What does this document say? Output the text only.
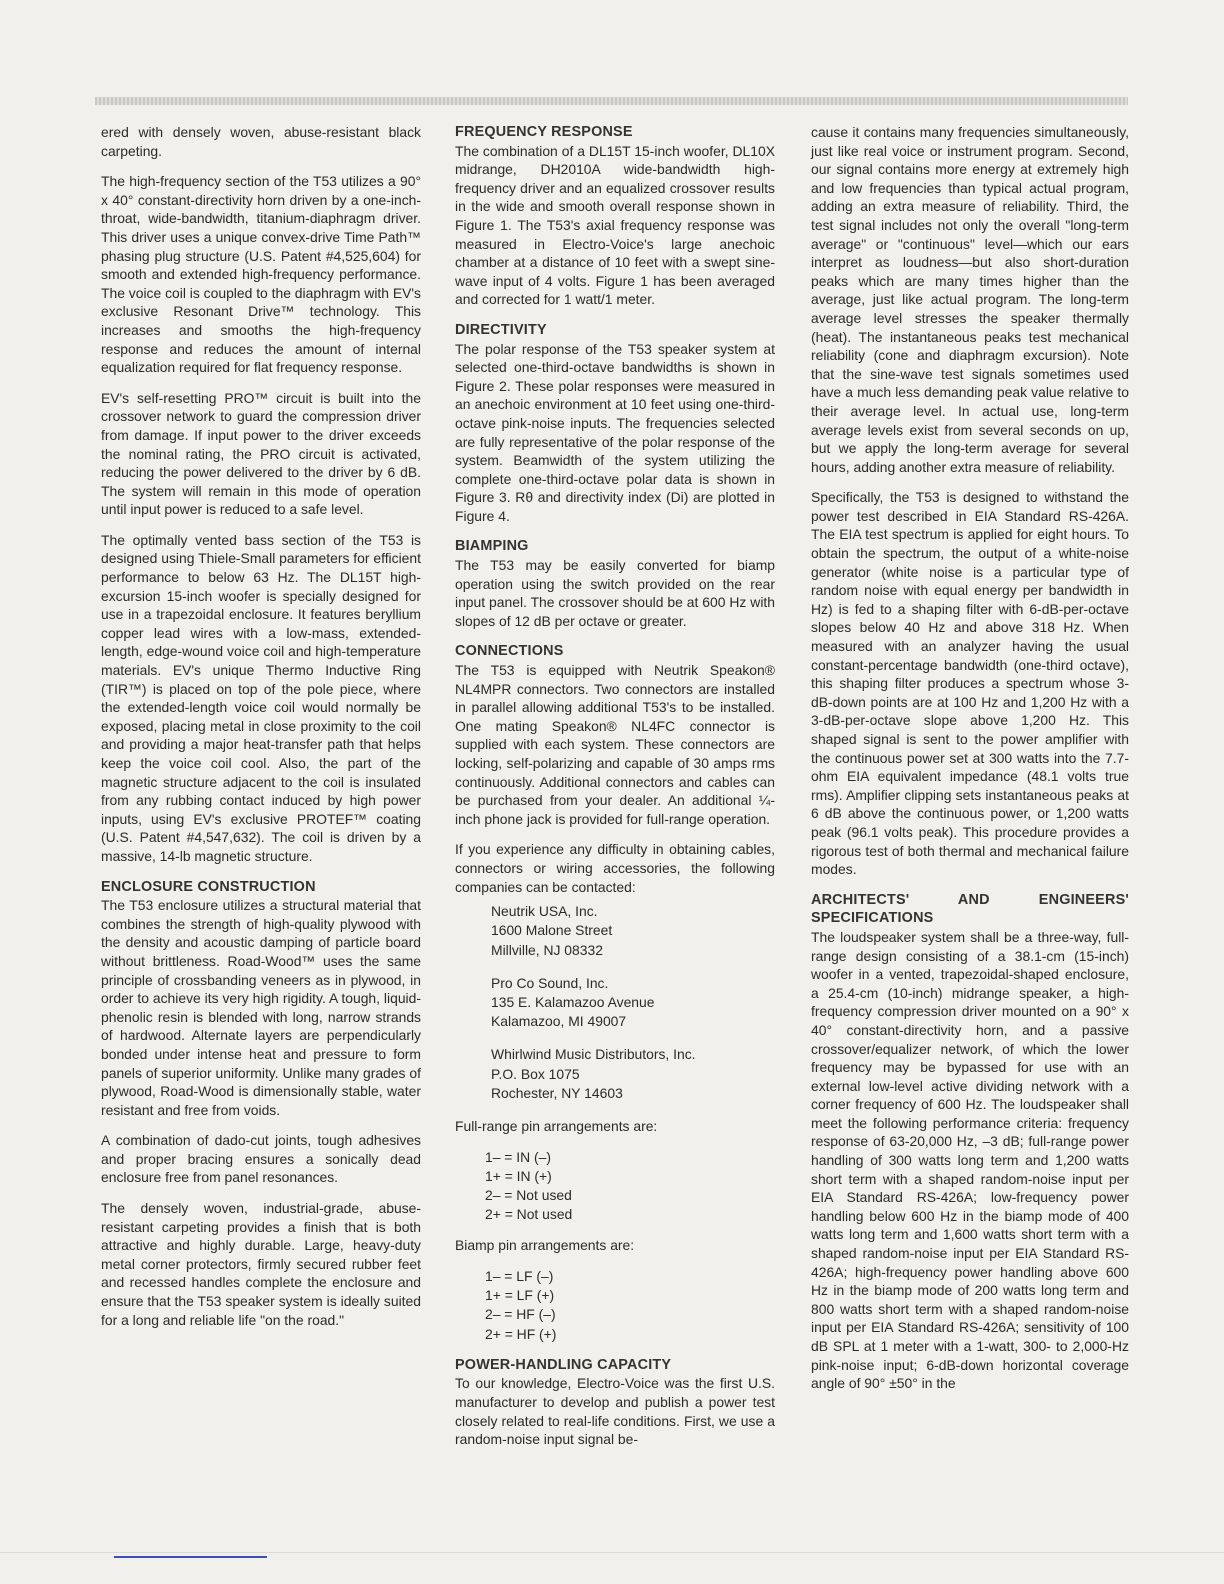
ered with densely woven, abuse-resistant black carpeting.

The high-frequency section of the T53 utilizes a 90° x 40° constant-directivity horn driven by a one-inch-throat, wide-bandwidth, titanium-diaphragm driver. This driver uses a unique convex-drive Time Path™ phasing plug structure (U.S. Patent #4,525,604) for smooth and extended high-frequency performance. The voice coil is coupled to the diaphragm with EV's exclusive Resonant Drive™ technology. This increases and smooths the high-frequency response and reduces the amount of internal equalization required for flat frequency response.

EV's self-resetting PRO™ circuit is built into the crossover network to guard the compression driver from damage. If input power to the driver exceeds the nominal rating, the PRO circuit is activated, reducing the power delivered to the driver by 6 dB. The system will remain in this mode of operation until input power is reduced to a safe level.

The optimally vented bass section of the T53 is designed using Thiele-Small parameters for efficient performance to below 63 Hz. The DL15T high-excursion 15-inch woofer is specially designed for use in a trapezoidal enclosure. It features beryllium copper lead wires with a low-mass, extended-length, edge-wound voice coil and high-temperature materials. EV's unique Thermo Inductive Ring (TIR™) is placed on top of the pole piece, where the extended-length voice coil would normally be exposed, placing metal in close proximity to the coil and providing a major heat-transfer path that helps keep the voice coil cool. Also, the part of the magnetic structure adjacent to the coil is insulated from any rubbing contact induced by high power inputs, using EV's exclusive PROTEF™ coating (U.S. Patent #4,547,632). The coil is driven by a massive, 14-lb magnetic structure.

ENCLOSURE CONSTRUCTION

The T53 enclosure utilizes a structural material that combines the strength of high-quality plywood with the density and acoustic damping of particle board without brittleness. Road-Wood™ uses the same principle of crossbanding veneers as in plywood, in order to achieve its very high rigidity. A tough, liquid-phenolic resin is blended with long, narrow strands of hardwood. Alternate layers are perpendicularly bonded under intense heat and pressure to form panels of superior uniformity. Unlike many grades of plywood, Road-Wood is dimensionally stable, water resistant and free from voids.

A combination of dado-cut joints, tough adhesives and proper bracing ensures a sonically dead enclosure free from panel resonances.

The densely woven, industrial-grade, abuse-resistant carpeting provides a finish that is both attractive and highly durable. Large, heavy-duty metal corner protectors, firmly secured rubber feet and recessed handles complete the enclosure and ensure that the T53 speaker system is ideally suited for a long and reliable life "on the road."

FREQUENCY RESPONSE

The combination of a DL15T 15-inch woofer, DL10X midrange, DH2010A wide-bandwidth high-frequency driver and an equalized crossover results in the wide and smooth overall response shown in Figure 1. The T53's axial frequency response was measured in Electro-Voice's large anechoic chamber at a distance of 10 feet with a swept sine-wave input of 4 volts. Figure 1 has been averaged and corrected for 1 watt/1 meter.

DIRECTIVITY

The polar response of the T53 speaker system at selected one-third-octave bandwidths is shown in Figure 2. These polar responses were measured in an anechoic environment at 10 feet using one-third-octave pink-noise inputs. The frequencies selected are fully representative of the polar response of the system. Beamwidth of the system utilizing the complete one-third-octave polar data is shown in Figure 3. Rθ and directivity index (Di) are plotted in Figure 4.

BIAMPING

The T53 may be easily converted for biamp operation using the switch provided on the rear input panel. The crossover should be at 600 Hz with slopes of 12 dB per octave or greater.

CONNECTIONS

The T53 is equipped with Neutrik Speakon® NL4MPR connectors. Two connectors are installed in parallel allowing additional T53's to be installed. One mating Speakon® NL4FC connector is supplied with each system. These connectors are locking, self-polarizing and capable of 30 amps rms continuously. Additional connectors and cables can be purchased from your dealer. An additional ¼-inch phone jack is provided for full-range operation.

If you experience any difficulty in obtaining cables, connectors or wiring accessories, the following companies can be contacted:

Neutrik USA, Inc.
1600 Malone Street
Millville, NJ 08332
Pro Co Sound, Inc.
135 E. Kalamazoo Avenue
Kalamazoo, MI 49007
Whirlwind Music Distributors, Inc.
P.O. Box 1075
Rochester, NY 14603

Full-range pin arrangements are:

1– = IN (–)
1+ = IN (+)
2– = Not used
2+ = Not used

Biamp pin arrangements are:

1– = LF (–)
1+ = LF (+)
2– = HF (–)
2+ = HF (+)
POWER-HANDLING CAPACITY

To our knowledge, Electro-Voice was the first U.S. manufacturer to develop and publish a power test closely related to real-life conditions. First, we use a random-noise input signal be-

cause it contains many frequencies simultaneously, just like real voice or instrument program. Second, our signal contains more energy at extremely high and low frequencies than typical actual program, adding an extra measure of reliability. Third, the test signal includes not only the overall "long-term average" or "continuous" level—which our ears interpret as loudness—but also short-duration peaks which are many times higher than the average, just like actual program. The long-term average level stresses the speaker thermally (heat). The instantaneous peaks test mechanical reliability (cone and diaphragm excursion). Note that the sine-wave test signals sometimes used have a much less demanding peak value relative to their average level. In actual use, long-term average levels exist from several seconds on up, but we apply the long-term average for several hours, adding another extra measure of reliability.

Specifically, the T53 is designed to withstand the power test described in EIA Standard RS-426A. The EIA test spectrum is applied for eight hours. To obtain the spectrum, the output of a white-noise generator (white noise is a particular type of random noise with equal energy per bandwidth in Hz) is fed to a shaping filter with 6-dB-per-octave slopes below 40 Hz and above 318 Hz. When measured with an analyzer having the usual constant-percentage bandwidth (one-third octave), this shaping filter produces a spectrum whose 3-dB-down points are at 100 Hz and 1,200 Hz with a 3-dB-per-octave slope above 1,200 Hz. This shaped signal is sent to the power amplifier with the continuous power set at 300 watts into the 7.7-ohm EIA equivalent impedance (48.1 volts true rms). Amplifier clipping sets instantaneous peaks at 6 dB above the continuous power, or 1,200 watts peak (96.1 volts peak). This procedure provides a rigorous test of both thermal and mechanical failure modes.

ARCHITECTS' AND ENGINEERS' SPECIFICATIONS

The loudspeaker system shall be a three-way, full-range design consisting of a 38.1-cm (15-inch) woofer in a vented, trapezoidal-shaped enclosure, a 25.4-cm (10-inch) midrange speaker, a high-frequency compression driver mounted on a 90° x 40° constant-directivity horn, and a passive crossover/equalizer network, of which the lower frequency may be bypassed for use with an external low-level active dividing network with a corner frequency of 600 Hz. The loudspeaker shall meet the following performance criteria: frequency response of 63-20,000 Hz, –3 dB; full-range power handling of 300 watts long term and 1,200 watts short term with a shaped random-noise input per EIA Standard RS-426A; low-frequency power handling below 600 Hz in the biamp mode of 400 watts long term and 1,600 watts short term with a shaped random-noise input per EIA Standard RS-426A; high-frequency power handling above 600 Hz in the biamp mode of 200 watts long term and 800 watts short term with a shaped random-noise input per EIA Standard RS-426A; sensitivity of 100 dB SPL at 1 meter with a 1-watt, 300- to 2,000-Hz pink-noise input; 6-dB-down horizontal coverage angle of 90° ±50° in the
